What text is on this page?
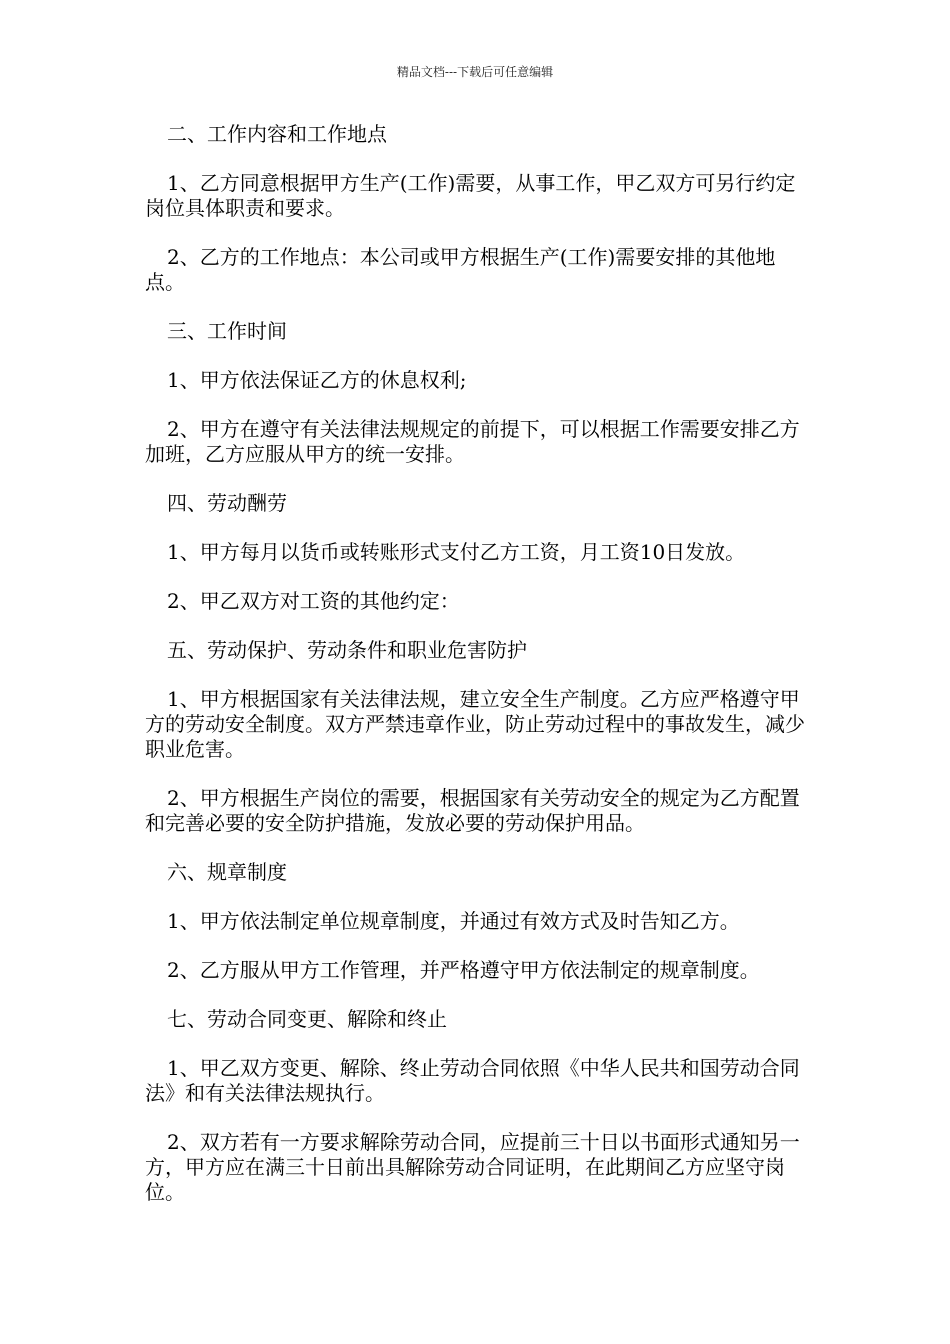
精品文档---下载后可任意编辑

二、工作内容和工作地点

1、乙方同意根据甲方生产(工作)需要，从事工作，甲乙双方可另行约定岗位具体职责和要求。

2、乙方的工作地点：本公司或甲方根据生产(工作)需要安排的其他地点。

三、工作时间

1、甲方依法保证乙方的休息权利;

2、甲方在遵守有关法律法规规定的前提下，可以根据工作需要安排乙方加班，乙方应服从甲方的统一安排。

四、劳动酬劳

1、甲方每月以货币或转账形式支付乙方工资，月工资10日发放。

2、甲乙双方对工资的其他约定：

五、劳动保护、劳动条件和职业危害防护

1、甲方根据国家有关法律法规，建立安全生产制度。乙方应严格遵守甲方的劳动安全制度。双方严禁违章作业，防止劳动过程中的事故发生，减少职业危害。

2、甲方根据生产岗位的需要，根据国家有关劳动安全的规定为乙方配置和完善必要的安全防护措施，发放必要的劳动保护用品。

六、规章制度

1、甲方依法制定单位规章制度，并通过有效方式及时告知乙方。

2、乙方服从甲方工作管理，并严格遵守甲方依法制定的规章制度。

七、劳动合同变更、解除和终止

1、甲乙双方变更、解除、终止劳动合同依照《中华人民共和国劳动合同法》和有关法律法规执行。

2、双方若有一方要求解除劳动合同，应提前三十日以书面形式通知另一方，甲方应在满三十日前出具解除劳动合同证明，在此期间乙方应坚守岗位。
